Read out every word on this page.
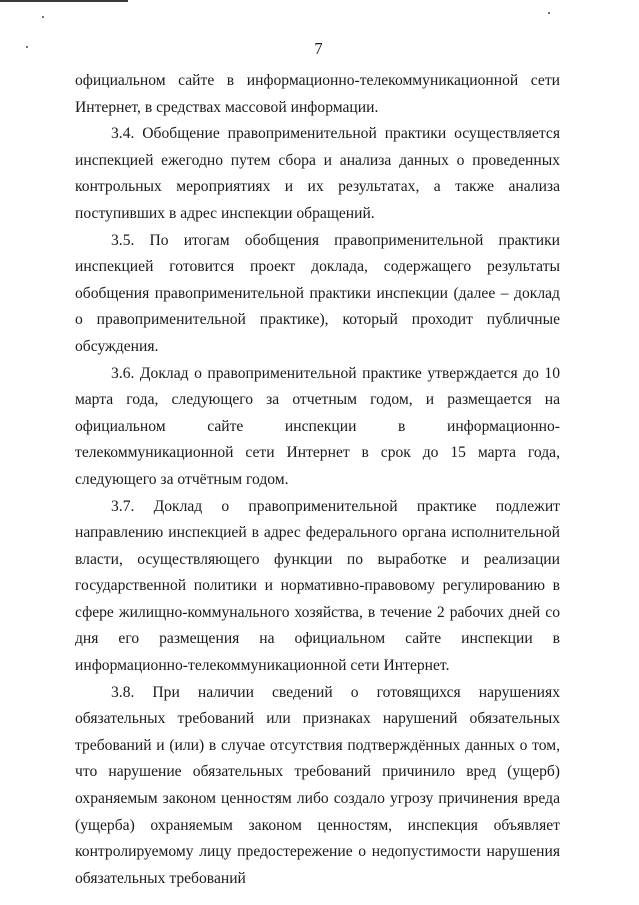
7

официальном сайте в информационно-телекоммуникационной сети Интернет, в средствах массовой информации.

3.4. Обобщение правоприменительной практики осуществляется инспекцией ежегодно путем сбора и анализа данных о проведенных контрольных мероприятиях и их результатах, а также анализа поступивших в адрес инспекции обращений.

3.5. По итогам обобщения правоприменительной практики инспекцией готовится проект доклада, содержащего результаты обобщения правоприменительной практики инспекции (далее – доклад о правоприменительной практике), который проходит публичные обсуждения.

3.6. Доклад о правоприменительной практике утверждается до 10 марта года, следующего за отчетным годом, и размещается на официальном сайте инспекции в информационно-телекоммуникационной сети Интернет в срок до 15 марта года, следующего за отчётным годом.

3.7. Доклад о правоприменительной практике подлежит направлению инспекцией в адрес федерального органа исполнительной власти, осуществляющего функции по выработке и реализации государственной политики и нормативно-правовому регулированию в сфере жилищно-коммунального хозяйства, в течение 2 рабочих дней со дня его размещения на официальном сайте инспекции в информационно-телекоммуникационной сети Интернет.

3.8. При наличии сведений о готовящихся нарушениях обязательных требований или признаках нарушений обязательных требований и (или) в случае отсутствия подтверждённых данных о том, что нарушение обязательных требований причинило вред (ущерб) охраняемым законом ценностям либо создало угрозу причинения вреда (ущерба) охраняемым законом ценностям, инспекция объявляет контролируемому лицу предостережение о недопустимости нарушения обязательных требований
